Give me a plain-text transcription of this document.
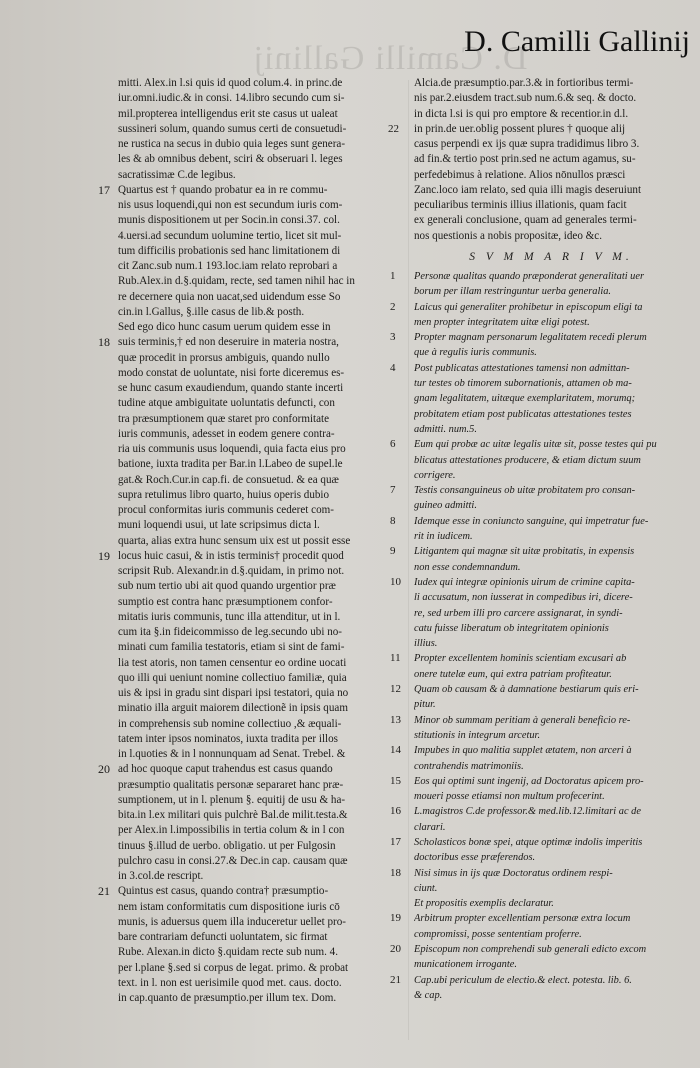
D. Camilli Gallinij
D. Camilli Gallinij
mitti. Alex.in l.si quis id quod colum.4. in princ.de
iur.omni.iudic.& in consi. 14.libro secundo cum si-
mil.propterea intelligendus erit ste casus ut ualeat
sussineri solum, quando sumus certi de consuetudi-
ne rustica na secus in dubio quia leges sunt genera-
les & ab omnibus debent, sciri & obseruari l. leges
sacratissimæ C.de legibus.
17 Quartus est † quando probatur ea in re commu-
nis usus loquendi,qui non est secundum iuris com-
munis dispositionem ut per Socin.in consi.37. col.
4.uersi.ad secundum uolumine tertio, licet sit mul-
tum difficilis probationis sed hanc limitationem di
cit Zanc.sub num.1 193.loc.iam relato reprobari a
Rub.Alex.in d.§.quidam, recte, sed tamen nihil hac in
re decernere quia non uacat,sed uidendum esse So
cin.in l.Gallus, §.ille casus de lib.& posth.
Sed ego dico hunc casum uerum quidem esse in
suis terminis,† ed non deseruire in materia nostra,
quæ procedit in prorsus ambiguis, quando nullo
modo constat de uoluntate, nisi forte diceremus es-
se hunc casum exaudiendum, quando stante incerti
tudine atque ambiguitate uoluntatis defuncti, con
tra præsumptionem quæ staret pro conformitate
iuris communis, adesset in eodem genere contra-
ria uis communis usus loquendi, quia facta eius pro
batione, iuxta tradita per Bar.in l.Labeo de supel.le
gat.& Roch.Cur.in cap.fi. de consuetud. & ea quæ
supra retulimus libro quarto, huius operis dubio
procul conformitas iuris communis cederet com-
muni loquendi usui, ut late scripsimus dicta l.
quarta, alias extra hunc sensum uix est ut possit esse
locus huic casui, & in istis terminis† procedit quod
scripsit Rub. Alexandr.in d.§.quidam, in primo not.
sub num tertio ubi ait quod quando urgentior præ
sumptio est contra hanc præsumptionem confor-
mitatis iuris communis, tunc illa attenditur, ut in l.
cum ita §.in fideicommisso de leg.secundo ubi no-
minati cum familia testatoris, etiam si sint de fami-
lia test atoris, non tamen censentur eo ordine uocati
quo illi qui ueniunt nomine collectiuo familiæ, quia
uis & ipsi in gradu sint dispari ipsi testatori, quia no
minatio illa arguit maiorem dilectionẽ in ipsis quam
in comprehensis sub nomine collectiuo ,& æquali-
tatem inter ipsos nominatos, iuxta tradita per illos
in l.quoties & in l nonnunquam ad Senat. Trebel. &
ad hoc quoque caput trahendus est casus quando
præsumptio qualitatis personæ separaret hanc præ-
sumptionem, ut in l. plenum §. equitij de usu & ha-
bita.in l.ex militari quis pulchrè Bal.de milit.testa.&
per Alex.in l.impossibilis in tertia colum & in l con
tinuus §.illud de uerbo. obligatio. ut per Fulgosin
pulchro casu in consi.27.& Dec.in cap. causam quæ
in 3.col.de rescript.
18
19
20
21 Quintus est casus, quando contra† præsumptio-
nem istam conformitatis cum dispositione iuris cō
munis, is aduersus quem illa induceretur uellet pro-
bare contrariam defuncti uoluntatem, sic firmat
Rube. Alexan.in dicto §.quidam recte sub num. 4.
per l.plane §.sed si corpus de legat. primo. & probat
text. in l. non est uerisimile quod met. caus. docto.
in cap.quanto de præsumptio.per illum tex. Dom.
Alcia.de præsumptio.par.3.& in fortioribus termi-
nis par.2.eiusdem tract.sub num.6.& seq. & docto.
in dicta l.si is qui pro emptore & recentior.in d.l.
in prin.de uer.oblig possent plures † quoque alij
casus perpendi ex ijs quæ supra tradidimus libro 3.
ad fin.& tertio post prin.sed ne actum agamus, su-
perfedebimus à relatione. Alios nōnullos præsci
Zanc.loco iam relato, sed quia illi magis deseruiunt
peculiaribus terminis illius illationis, quam facit
ex generali conclusione, quam ad generales termi-
nos questionis a nobis propositæ, ideo &c.
22
S V M M A R I V M.
1 Personæ qualitas quando præponderat generalitati uer
borum per illam restringuntur uerba generalia.
2 Laicus qui generaliter prohibetur in episcopum eligi ta
men propter integritatem uitæ eligi potest.
3 Propter magnam personarum legalitatem recedi plerum
que à regulis iuris communis.
4 Post publicatas attestationes tamensi non admittan-
tur testes ob timorem subornationis, attamen ob ma-
gnam legalitatem, uitæque exemplaritatem, morumq;
probitatem etiam post publicatas attestationes testes
admitti. num.5.
6 Eum qui probæ ac uitæ legalis uitæ sit, posse testes qui pu
blicatus attestationes producere, & etiam dictum suum
corrigere.
7 Testis consanguineus ob uitæ probitatem pro consan-
guineo admitti.
8 Idemque esse in coniuncto sanguine, qui impetratur fue-
rit in iudicem.
9 Litigantem qui magnæ sit uitæ probitatis, in expensis
non esse condemnandum.
10 Iudex qui integræ opinionis uirum de crimine capita-
li accusatum, non iusserat in compedibus iri, dicere-
re, sed urbem illi pro carcere assignarat, in syndi-
catu fuisse liberatum ob integritatem opinionis
illius.
11 Propter excellentem hominis scientiam excusari ab
onere tutelæ eum, qui extra patriam profiteatur.
12 Quam ob causam & à damnatione bestiarum quis eri-
pitur.
13 Minor ob summam peritiam à generali beneficio re-
stitutionis in integrum arcetur.
14 Impubes in quo malitia supplet ætatem, non arceri à
contrahendis matrimoniis.
15 Eos qui optimi sunt ingenij, ad Doctoratus apicem pro-
moueri posse etiamsi non multum profecerint.
16 L.magistros C.de professor.& med.lib.12.limitari ac de
clarari.
17 Scholasticos bonæ spei, atque optimæ indolis imperitis
doctoribus esse præferendos.
18 Nisi simus in ijs quæ Doctoratus ordinem respi-
ciunt.
Et propositis exemplis declaratur.
19 Arbitrum propter excellentiam personæ extra locum
compromissi, posse sententiam proferre.
20 Episcopum non comprehendi sub generali edicto excom
municationem irrogante.
21 Cap.ubi periculum de electio.& elect. potesta. lib. 6.
& cap.
